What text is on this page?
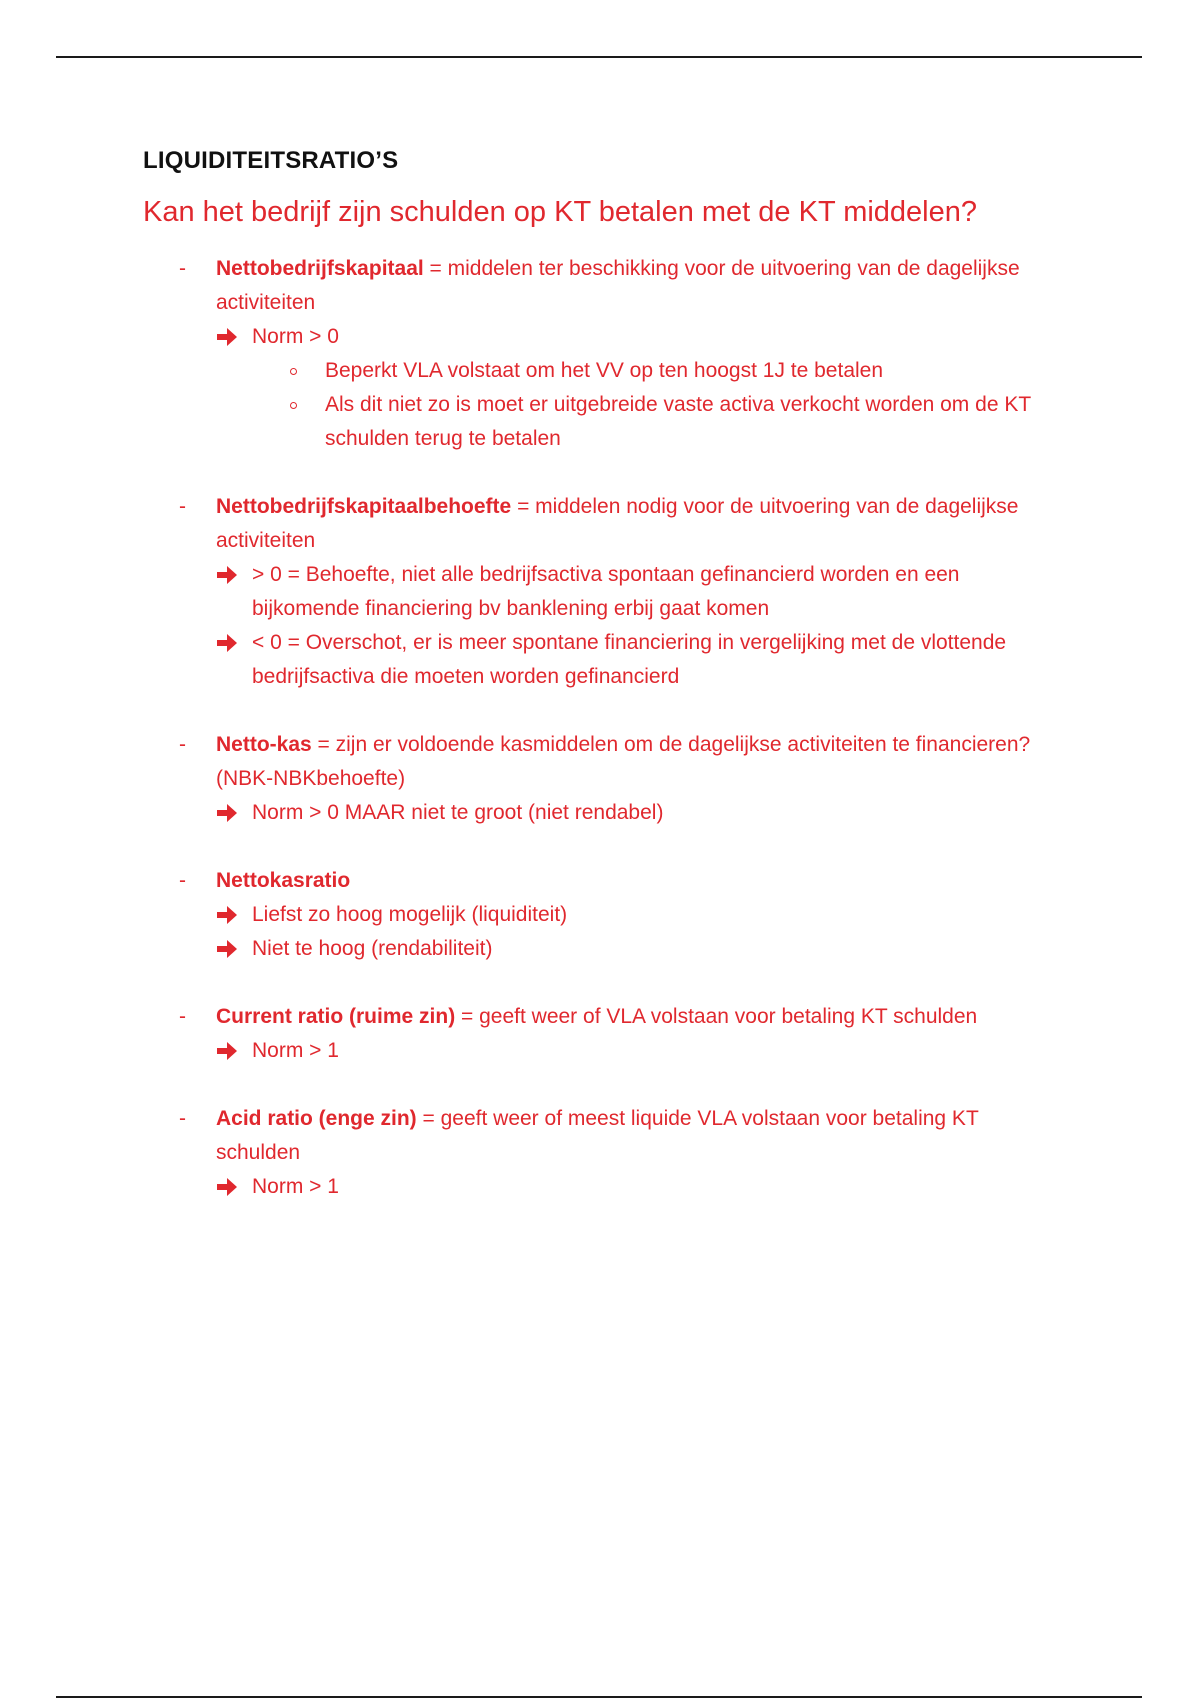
LIQUIDITEITSRATIO’S
Kan het bedrijf zijn schulden op KT betalen met de KT middelen?
- Nettobedrijfskapitaal = middelen ter beschikking voor de uitvoering van de dagelijkse activiteiten
Norm > 0
Beperkt VLA volstaat om het VV op ten hoogst 1J te betalen
Als dit niet zo is moet er uitgebreide vaste activa verkocht worden om de KT schulden terug te betalen
- Nettobedrijfskapitaalbehoefte = middelen nodig voor de uitvoering van de dagelijkse activiteiten
> 0 = Behoefte, niet alle bedrijfsactiva spontaan gefinancierd worden en een bijkomende financiering bv banklening erbij gaat komen
< 0 = Overschot, er is meer spontane financiering in vergelijking met de vlottende bedrijfsactiva die moeten worden gefinancierd
- Netto-kas = zijn er voldoende kasmiddelen om de dagelijkse activiteiten te financieren? (NBK-NBKbehoefte)
Norm > 0 MAAR niet te groot (niet rendabel)
- Nettokasratio
Liefst zo hoog mogelijk (liquiditeit)
Niet te hoog (rendabiliteit)
- Current ratio (ruime zin) = geeft weer of VLA volstaan voor betaling KT schulden
Norm > 1
- Acid ratio (enge zin) = geeft weer of meest liquide VLA volstaan voor betaling KT schulden
Norm > 1
